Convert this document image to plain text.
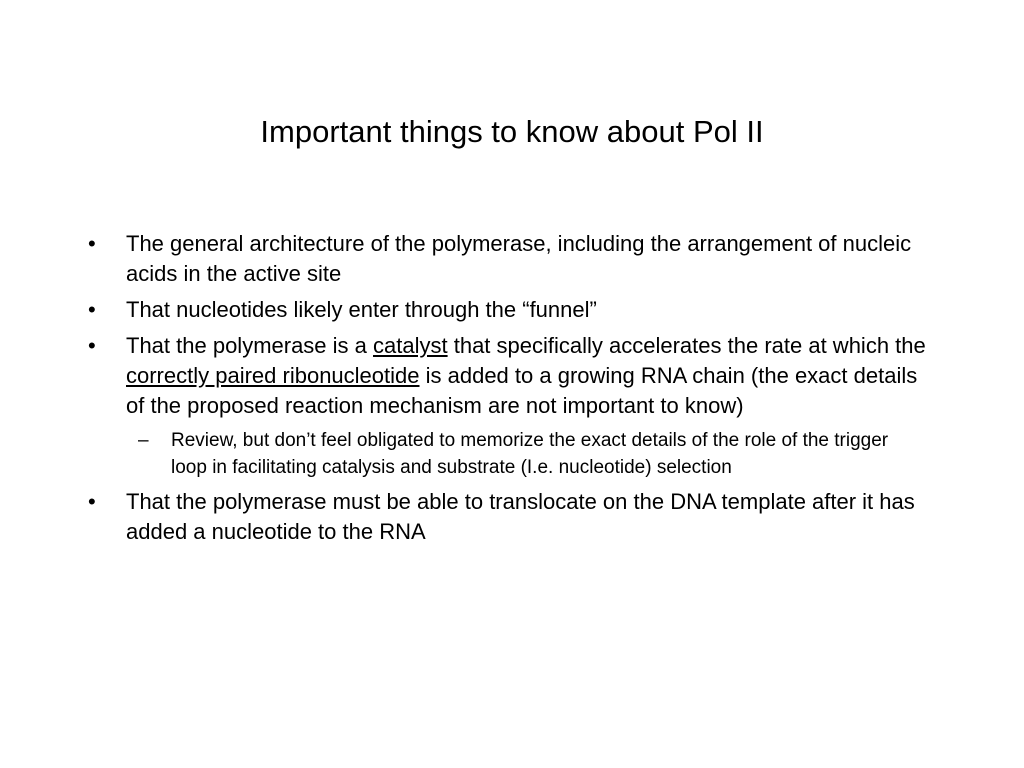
Important things to know about Pol II
• The general architecture of the polymerase, including the arrangement of nucleic acids in the active site
• That nucleotides likely enter through the “funnel”
• That the polymerase is a catalyst that specifically accelerates the rate at which the correctly paired ribonucleotide is added to a growing RNA chain (the exact details of the proposed reaction mechanism are not important to know)
– Review, but don’t feel obligated to memorize the exact details of the role of the trigger loop in facilitating catalysis and substrate (I.e. nucleotide) selection
• That the polymerase must be able to translocate on the DNA template after it has added a nucleotide to the RNA
